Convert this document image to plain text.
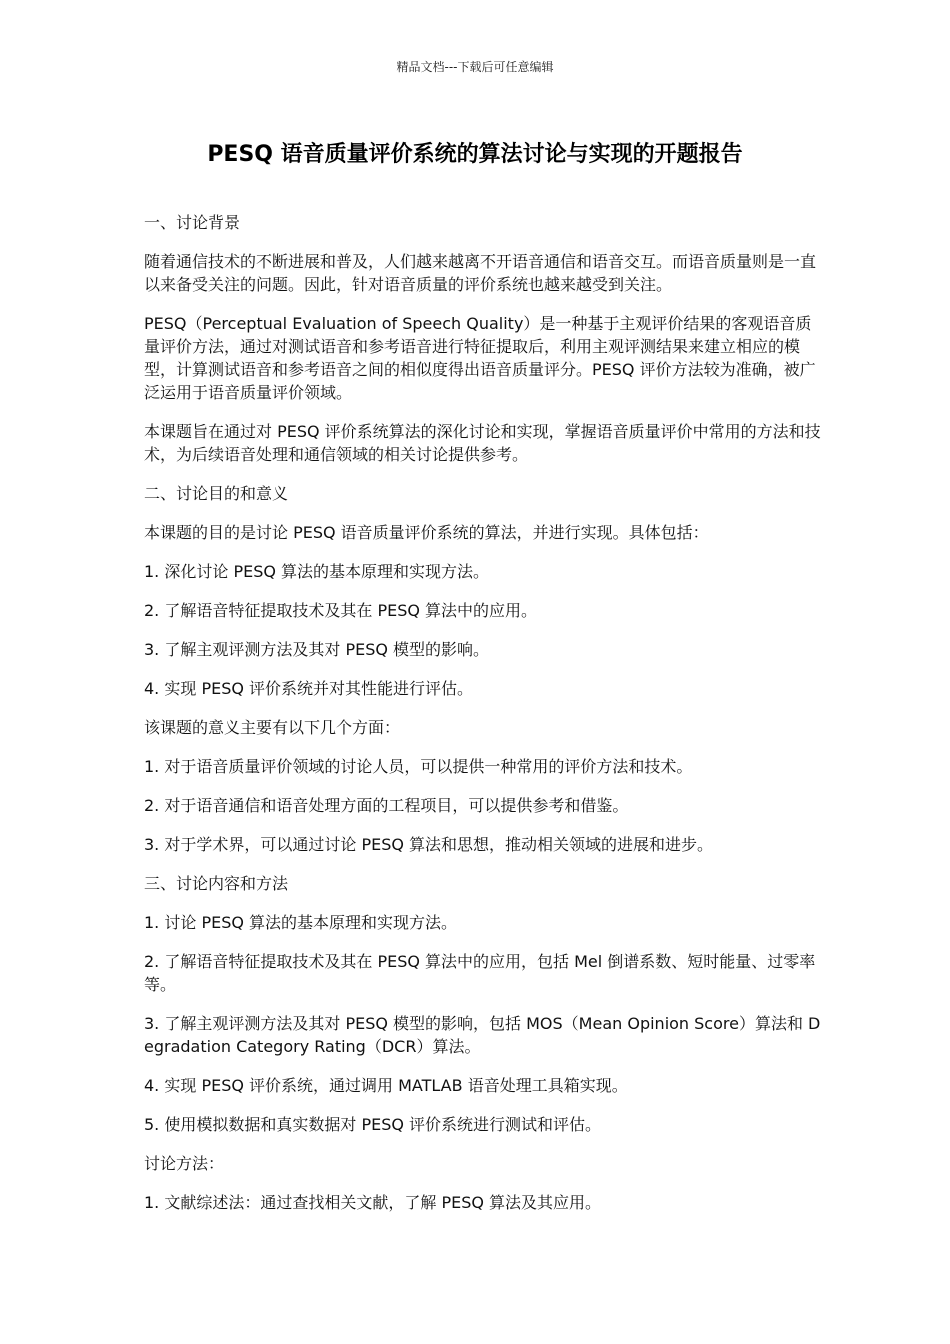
精品文档---下载后可任意编辑
PESQ 语音质量评价系统的算法讨论与实现的开题报告

一、讨论背景

随着通信技术的不断进展和普及，人们越来越离不开语音通信和语音交互。而语音质量则是一直以来备受关注的问题。因此，针对语音质量的评价系统也越来越受到关注。

PESQ（Perceptual Evaluation of Speech Quality）是一种基于主观评价结果的客观语音质量评价方法，通过对测试语音和参考语音进行特征提取后，利用主观评测结果来建立相应的模型，计算测试语音和参考语音之间的相似度得出语音质量评分。PESQ 评价方法较为准确，被广泛运用于语音质量评价领域。

本课题旨在通过对 PESQ 评价系统算法的深化讨论和实现，掌握语音质量评价中常用的方法和技术，为后续语音处理和通信领域的相关讨论提供参考。

二、讨论目的和意义

本课题的目的是讨论 PESQ 语音质量评价系统的算法，并进行实现。具体包括：

1. 深化讨论 PESQ 算法的基本原理和实现方法。

2. 了解语音特征提取技术及其在 PESQ 算法中的应用。

3. 了解主观评测方法及其对 PESQ 模型的影响。

4. 实现 PESQ 评价系统并对其性能进行评估。

该课题的意义主要有以下几个方面：

1. 对于语音质量评价领域的讨论人员，可以提供一种常用的评价方法和技术。

2. 对于语音通信和语音处理方面的工程项目，可以提供参考和借鉴。

3. 对于学术界，可以通过讨论 PESQ 算法和思想，推动相关领域的进展和进步。

三、讨论内容和方法

1. 讨论 PESQ 算法的基本原理和实现方法。

2. 了解语音特征提取技术及其在 PESQ 算法中的应用，包括 Mel 倒谱系数、短时能量、过零率等。

3. 了解主观评测方法及其对 PESQ 模型的影响，包括 MOS（Mean Opinion Score）算法和 Degradation Category Rating（DCR）算法。

4. 实现 PESQ 评价系统，通过调用 MATLAB 语音处理工具箱实现。

5. 使用模拟数据和真实数据对 PESQ 评价系统进行测试和评估。

讨论方法：

1. 文献综述法：通过查找相关文献，了解 PESQ 算法及其应用。
